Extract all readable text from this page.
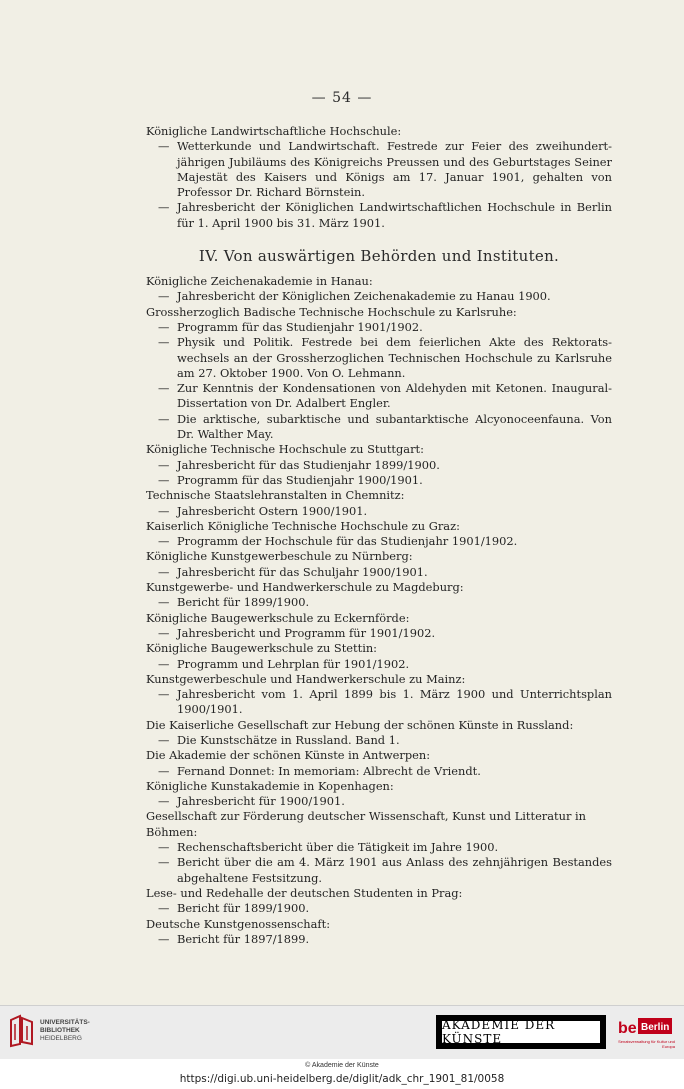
— 54 —

Königliche Landwirtschaftliche Hochschule:

— Wetterkunde und Landwirtschaft. Festrede zur Feier des zweihundert-jährigen Jubiläums des Königreichs Preussen und des Geburtstages Seiner Majestät des Kaisers und Königs am 17. Januar 1901, gehalten von Professor Dr. Richard Börnstein.

— Jahresbericht der Königlichen Landwirtschaftlichen Hochschule in Berlin für 1. April 1900 bis 31. März 1901.

IV. Von auswärtigen Behörden und Instituten.

Königliche Zeichenakademie in Hanau:

— Jahresbericht der Königlichen Zeichenakademie zu Hanau 1900.

Grossherzoglich Badische Technische Hochschule zu Karlsruhe:

— Programm für das Studienjahr 1901/1902.

— Physik und Politik. Festrede bei dem feierlichen Akte des Rektorats-wechsels an der Grossherzoglichen Technischen Hochschule zu Karlsruhe am 27. Oktober 1900. Von O. Lehmann.

— Zur Kenntnis der Kondensationen von Aldehyden mit Ketonen. Inaugural-Dissertation von Dr. Adalbert Engler.

— Die arktische, subarktische und subantarktische Alcyonoceenfauna. Von Dr. Walther May.

Königliche Technische Hochschule zu Stuttgart:

— Jahresbericht für das Studienjahr 1899/1900.

— Programm für das Studienjahr 1900/1901.

Technische Staatslehranstalten in Chemnitz:

— Jahresbericht Ostern 1900/1901.

Kaiserlich Königliche Technische Hochschule zu Graz:

— Programm der Hochschule für das Studienjahr 1901/1902.

Königliche Kunstgewerbeschule zu Nürnberg:

— Jahresbericht für das Schuljahr 1900/1901.

Kunstgewerbe- und Handwerkerschule zu Magdeburg:

— Bericht für 1899/1900.

Königliche Baugewerkschule zu Eckernförde:

— Jahresbericht und Programm für 1901/1902.

Königliche Baugewerkschule zu Stettin:

— Programm und Lehrplan für 1901/1902.

Kunstgewerbeschule und Handwerkerschule zu Mainz:

— Jahresbericht vom 1. April 1899 bis 1. März 1900 und Unterrichtsplan 1900/1901.

Die Kaiserliche Gesellschaft zur Hebung der schönen Künste in Russland:

— Die Kunstschätze in Russland. Band 1.

Die Akademie der schönen Künste in Antwerpen:

— Fernand Donnet: In memoriam: Albrecht de Vriendt.

Königliche Kunstakademie in Kopenhagen:

— Jahresbericht für 1900/1901.

Gesellschaft zur Förderung deutscher Wissenschaft, Kunst und Litteratur in Böhmen:

— Rechenschaftsbericht über die Tätigkeit im Jahre 1900.

— Bericht über die am 4. März 1901 aus Anlass des zehnjährigen Bestandes abgehaltene Festsitzung.

Lese- und Redehalle der deutschen Studenten in Prag:

— Bericht für 1899/1900.

Deutsche Kunstgenossenschaft:

— Bericht für 1897/1899.

UNIVERSITÄTS-
BIBLIOTHEK
HEIDELBERG
AKADEMIE DER KÜNSTE
be Berlin
Senatsverwaltung für Kultur und Europa
© Akademie der Künste
https://digi.ub.uni-heidelberg.de/diglit/adk_chr_1901_81/0058
